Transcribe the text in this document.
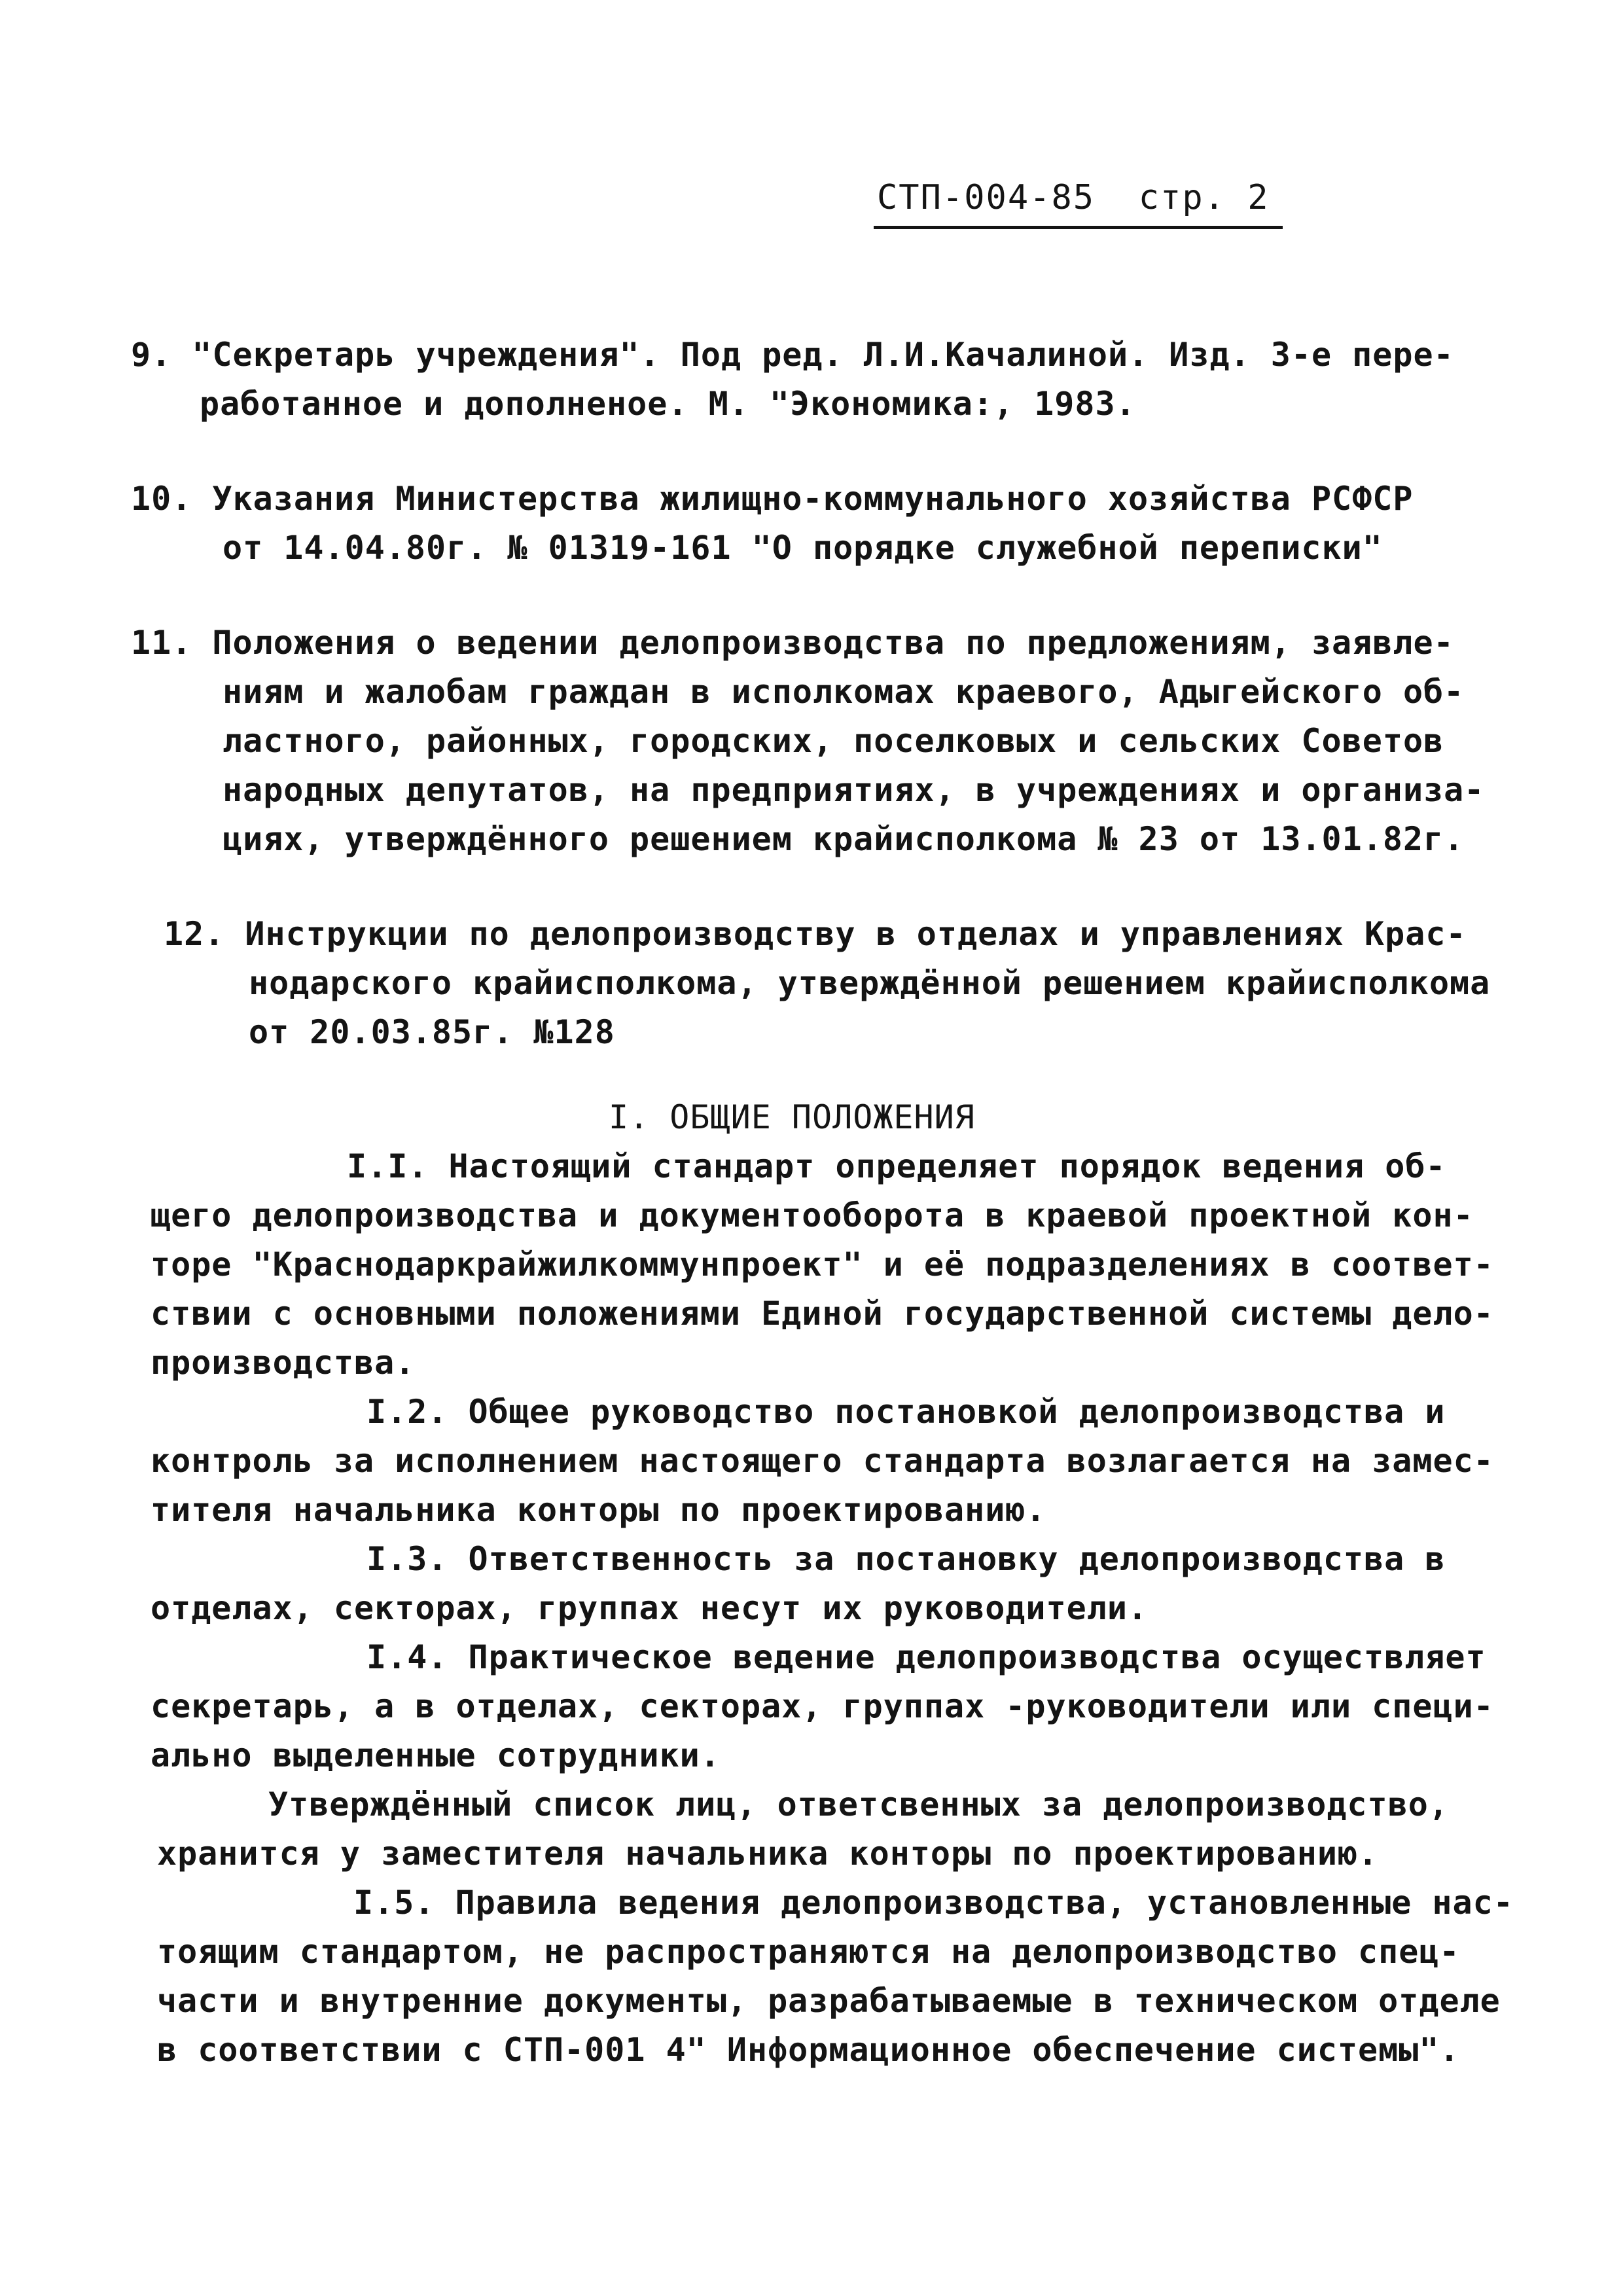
СТП-004-85 стр. 2
9. "Секретарь учреждения". Под ред. Л.И.Качалиной. Изд. 3-е пере-
работанное и дополненое. М. "Экономика:, 1983.
10. Указания Министерства жилищно-коммунального хозяйства РСФСР
от 14.04.80г. № 01319-161 "О порядке служебной переписки"
11. Положения о ведении делопроизводства по предложениям, заявле-
ниям и жалобам граждан в исполкомах краевого, Адыгейского об-
ластного, районных, городских, поселковых и сельских Советов
народных депутатов, на предприятиях, в учреждениях и организа-
циях, утверждённого решением крайисполкома № 23 от 13.01.82г.
12. Инструкции по делопроизводству в отделах и управлениях Крас-
нодарского крайисполкома, утверждённой решением крайисполкома
от 20.03.85г. №128
I. ОБЩИЕ ПОЛОЖЕНИЯ
I.I. Настоящий стандарт определяет порядок ведения об-
щего делопроизводства и документооборота в краевой проектной кон-
торе "Краснодаркрайжилкоммунпроект" и её подразделениях в соответ-
ствии с основными положениями Единой государственной системы дело-
производства.
I.2. Общее руководство постановкой делопроизводства и
контроль за исполнением настоящего стандарта возлагается на замес-
тителя начальника конторы по проектированию.
I.3. Ответственность за постановку делопроизводства в
отделах, секторах, группах несут их руководители.
I.4. Практическое ведение делопроизводства осуществляет
секретарь, а в отделах, секторах, группах -руководители или специ-
ально выделенные сотрудники.
Утверждённый список лиц, ответсвенных за делопроизводство,
хранится у заместителя начальника конторы по проектированию.
I.5. Правила ведения делопроизводства, установленные нас-
тоящим стандартом, не распространяются на делопроизводство спец-
части и внутренние документы, разрабатываемые в техническом отделе
в соответствии с СТП-001 4" Информационное обеспечение системы".
